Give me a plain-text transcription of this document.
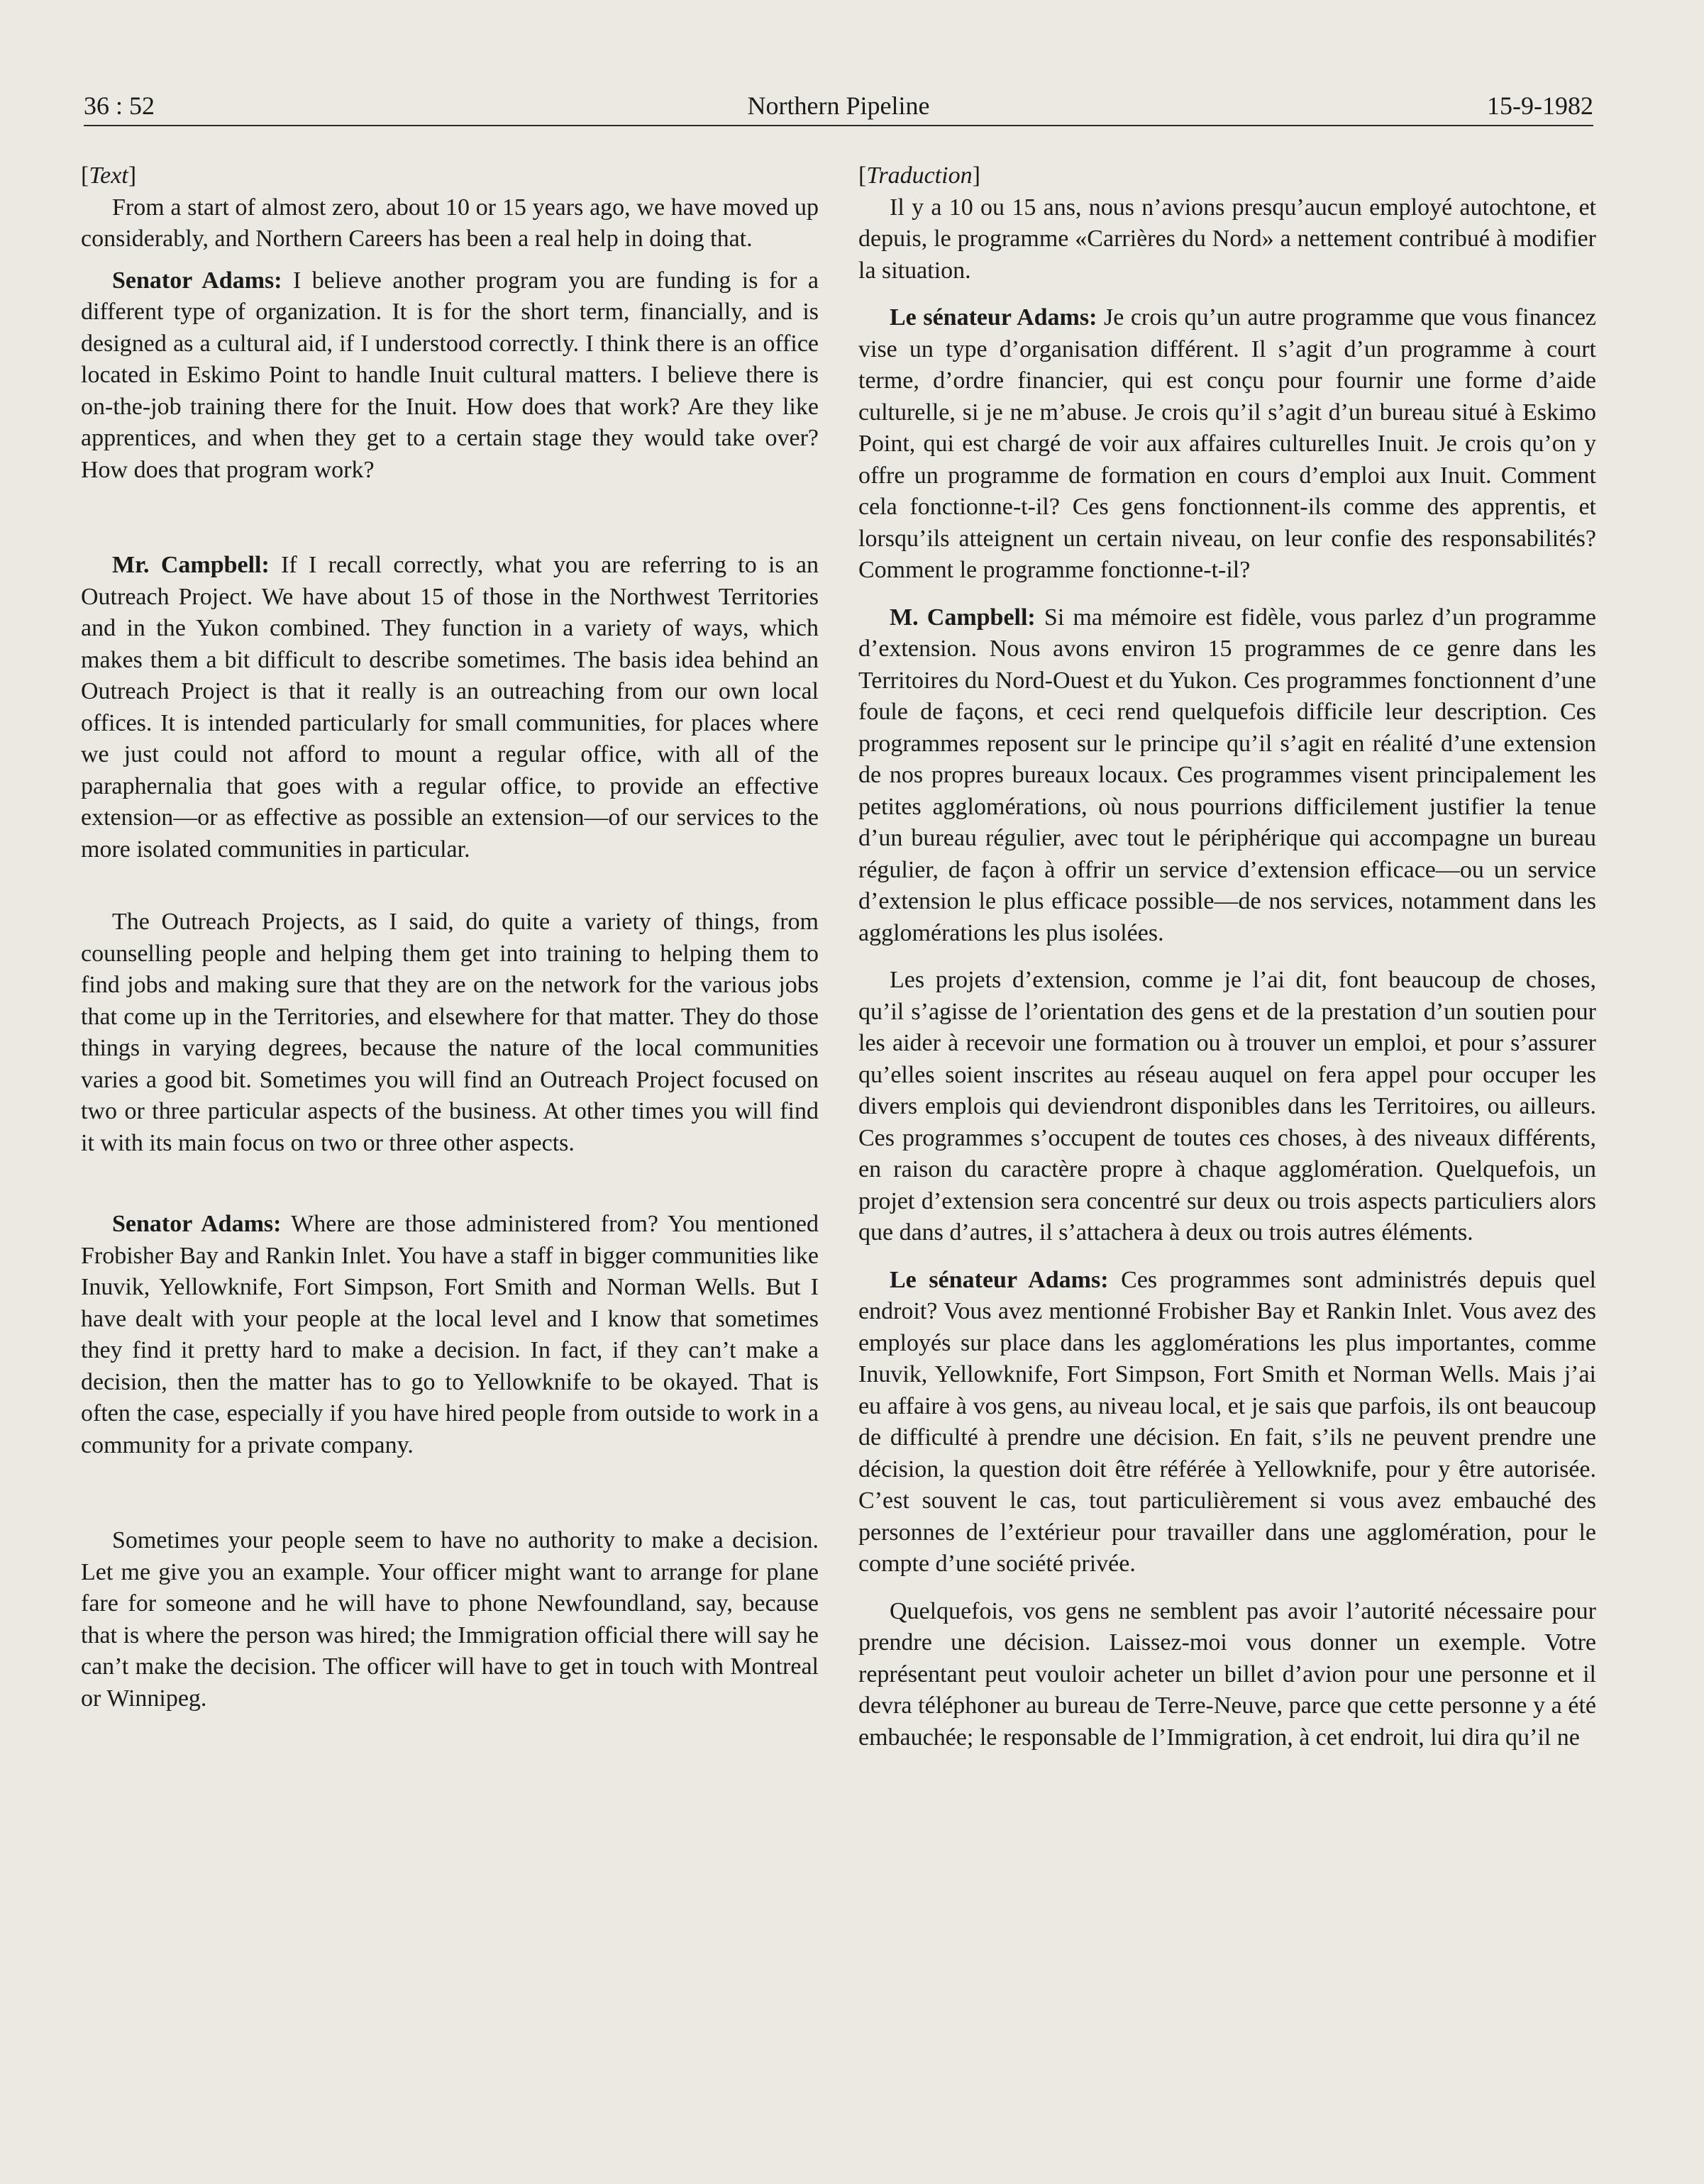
36 : 52	Northern Pipeline	15-9-1982

[Text]

From a start of almost zero, about 10 or 15 years ago, we have moved up considerably, and Northern Careers has been a real help in doing that.

Senator Adams: I believe another program you are funding is for a different type of organization. It is for the short term, financially, and is designed as a cultural aid, if I understood correctly. I think there is an office located in Eskimo Point to handle Inuit cultural matters. I believe there is on-the-job training there for the Inuit. How does that work? Are they like apprentices, and when they get to a certain stage they would take over? How does that program work?

Mr. Campbell: If I recall correctly, what you are referring to is an Outreach Project. We have about 15 of those in the Northwest Territories and in the Yukon combined. They function in a variety of ways, which makes them a bit difficult to describe sometimes. The basis idea behind an Outreach Project is that it really is an outreaching from our own local offices. It is intended particularly for small communities, for places where we just could not afford to mount a regular office, with all of the paraphernalia that goes with a regular office, to provide an effective extension—or as effective as possible an extension—of our services to the more isolated communities in particular.

The Outreach Projects, as I said, do quite a variety of things, from counselling people and helping them get into training to helping them to find jobs and making sure that they are on the network for the various jobs that come up in the Territories, and elsewhere for that matter. They do those things in varying degrees, because the nature of the local communities varies a good bit. Sometimes you will find an Outreach Project focused on two or three particular aspects of the business. At other times you will find it with its main focus on two or three other aspects.

Senator Adams: Where are those administered from? You mentioned Frobisher Bay and Rankin Inlet. You have a staff in bigger communities like Inuvik, Yellowknife, Fort Simpson, Fort Smith and Norman Wells. But I have dealt with your people at the local level and I know that sometimes they find it pretty hard to make a decision. In fact, if they can’t make a decision, then the matter has to go to Yellowknife to be okayed. That is often the case, especially if you have hired people from outside to work in a community for a private company.

Sometimes your people seem to have no authority to make a decision. Let me give you an example. Your officer might want to arrange for plane fare for someone and he will have to phone Newfoundland, say, because that is where the person was hired; the Immigration official there will say he can’t make the decision. The officer will have to get in touch with Montreal or Winnipeg.

[Traduction]

Il y a 10 ou 15 ans, nous n’avions presqu’aucun employé autochtone, et depuis, le programme «Carrières du Nord» a nettement contribué à modifier la situation.

Le sénateur Adams: Je crois qu’un autre programme que vous financez vise un type d’organisation différent. Il s’agit d’un programme à court terme, d’ordre financier, qui est conçu pour fournir une forme d’aide culturelle, si je ne m’abuse. Je crois qu’il s’agit d’un bureau situé à Eskimo Point, qui est chargé de voir aux affaires culturelles Inuit. Je crois qu’on y offre un programme de formation en cours d’emploi aux Inuit. Comment cela fonctionne-t-il? Ces gens fonctionnent-ils comme des apprentis, et lorsqu’ils atteignent un certain niveau, on leur confie des responsabilités? Comment le programme fonctionne-t-il?

M. Campbell: Si ma mémoire est fidèle, vous parlez d’un programme d’extension. Nous avons environ 15 programmes de ce genre dans les Territoires du Nord-Ouest et du Yukon. Ces programmes fonctionnent d’une foule de façons, et ceci rend quelquefois difficile leur description. Ces programmes reposent sur le principe qu’il s’agit en réalité d’une extension de nos propres bureaux locaux. Ces programmes visent principalement les petites agglomérations, où nous pourrions difficilement justifier la tenue d’un bureau régulier, avec tout le périphérique qui accompagne un bureau régulier, de façon à offrir un service d’extension efficace—ou un service d’extension le plus efficace possible—de nos services, notamment dans les agglomérations les plus isolées.

Les projets d’extension, comme je l’ai dit, font beaucoup de choses, qu’il s’agisse de l’orientation des gens et de la prestation d’un soutien pour les aider à recevoir une formation ou à trouver un emploi, et pour s’assurer qu’elles soient inscrites au réseau auquel on fera appel pour occuper les divers emplois qui deviendront disponibles dans les Territoires, ou ailleurs. Ces programmes s’occupent de toutes ces choses, à des niveaux différents, en raison du caractère propre à chaque agglomération. Quelquefois, un projet d’extension sera concentré sur deux ou trois aspects particuliers alors que dans d’autres, il s’attachera à deux ou trois autres éléments.

Le sénateur Adams: Ces programmes sont administrés depuis quel endroit? Vous avez mentionné Frobisher Bay et Rankin Inlet. Vous avez des employés sur place dans les agglomérations les plus importantes, comme Inuvik, Yellowknife, Fort Simpson, Fort Smith et Norman Wells. Mais j’ai eu affaire à vos gens, au niveau local, et je sais que parfois, ils ont beaucoup de difficulté à prendre une décision. En fait, s’ils ne peuvent prendre une décision, la question doit être référée à Yellowknife, pour y être autorisée. C’est souvent le cas, tout particulièrement si vous avez embauché des personnes de l’extérieur pour travailler dans une agglomération, pour le compte d’une société privée.

Quelquefois, vos gens ne semblent pas avoir l’autorité nécessaire pour prendre une décision. Laissez-moi vous donner un exemple. Votre représentant peut vouloir acheter un billet d’avion pour une personne et il devra téléphoner au bureau de Terre-Neuve, parce que cette personne y a été embauchée; le responsable de l’Immigration, à cet endroit, lui dira qu’il ne
